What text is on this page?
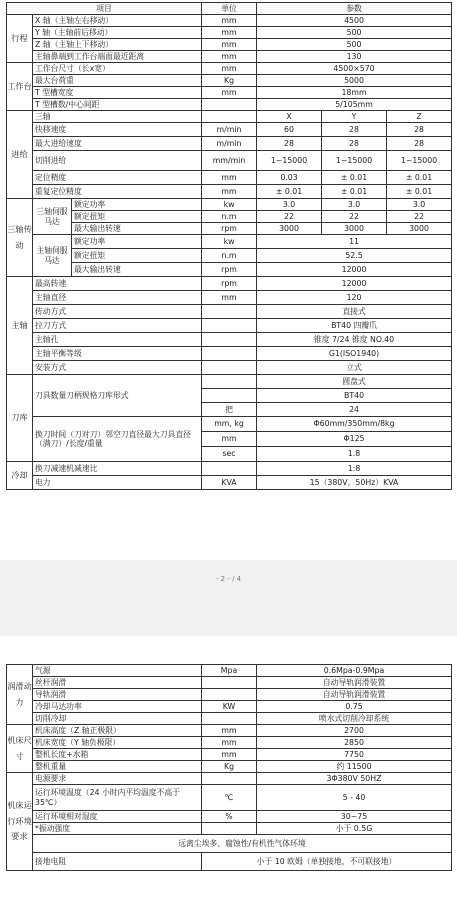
项目			单位	参数		
行程	X 轴（主轴左右移动）		mm	4500		
	Y 轴（主轴前后移动）		mm	500		
	Z 轴（主轴上下移动）		mm	500		
	主轴鼻端到工作台端面最近距离		mm	130		
工作台	工作台尺寸（长x宽）		mm	4500×570		
	最大台荷重		Kg	5000		
	T 型槽宽度		mm	18mm		
	T 型槽数/中心间距			5/105mm		
进给	三轴			X	Y	Z
	快移速度		m/min	60	28	28
	最大进给速度		m/min	28	28	28
	切削进给		mm/min	1~15000	1~15000	1~15000
	定位精度		mm	0.03	± 0.01	± 0.01
	重复定位精度		mm	± 0.01	± 0.01	± 0.01
三轴传动	三轴伺服马达	额定功率	kw	3.0	3.0	3.0
		额定扭矩	n.m	22	22	22
		最大输出转速	rpm	3000	3000	3000
	主轴伺服马达	额定功率	kw	11		
		额定扭矩	n.m	52.5		
		最大输出转速	rpm	12000		
主轴	最高转速		rpm	12000		
	主轴直径		mm	120		
	传动方式			直接式		
	拉刀方式			BT40 四瓣爪		
	主轴孔			锥度 7/24 锥度 NO.40		
	主轴平衡等级			G1(ISO1940)		
	安装方式			立式		
刀库	刀具数量刀柄规格刀库形式			圆盘式		
				BT40		
			把	24		
	换刀时间（刀对刀）邻空刀直径最大刀具直径（满刀）/长度/重量		mm, kg	Φ60mm/350mm/8kg		
			mm	Φ125		
			sec	1.8		
冷却	换刀减速机减速比			1:8		
	电力		KVA	15（380V，50Hz）KVA		
- 2 - / 4
润滑动力	气源	Mpa	0.6Mpa-0.9Mpa
	丝杆润滑		自动导轨润滑装置
	导轨润滑		自动导轨润滑装置
	冷却马达功率	KW	0.75
	切削冷却		喷水式切削冷却系统
机床尺寸	机床高度（Z 轴正极限）	mm	2700
	机床宽度（Y 轴负极限）	mm	2850
	整机长度+水箱	mm	7750
	整机重量	Kg	约 11500
机床运行环境要求	电源要求		3Φ380V 50HZ
	运行环境温度（24 小时内平均温度不高于 35℃）	℃	5 - 40
	运行环境相对湿度	%	30~75
	*振动强度		小于 0.5G
	远离尘埃多、腐蚀性/有机性气体环境		
	接地电阻	小于 10 欧姆（单独接地，不可联接地）	
